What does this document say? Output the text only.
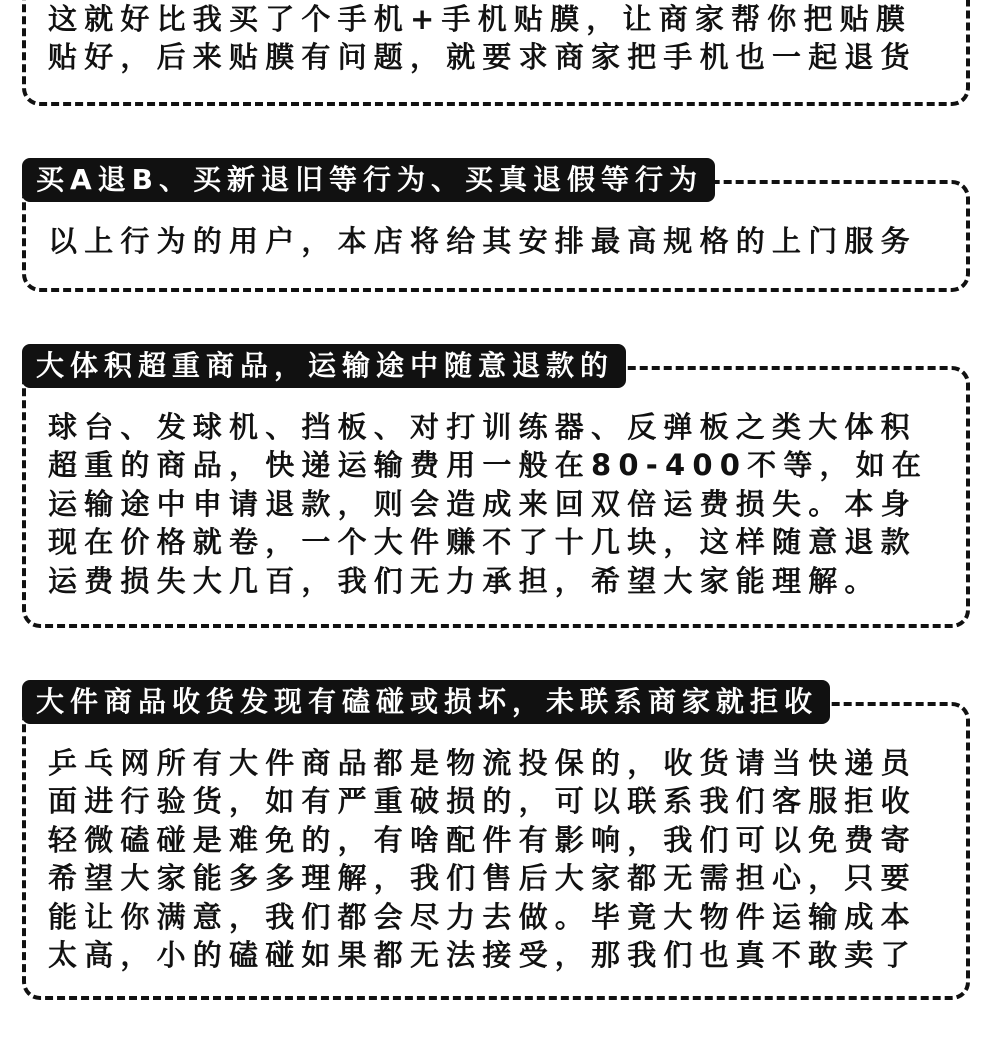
这就好比我买了个手机+手机贴膜，让商家帮你把贴膜
贴好，后来贴膜有问题，就要求商家把手机也一起退货
买A退B、买新退旧等行为、买真退假等行为
以上行为的用户，本店将给其安排最高规格的上门服务
大体积超重商品，运输途中随意退款的
球台、发球机、挡板、对打训练器、反弹板之类大体积
超重的商品，快递运输费用一般在80-400不等，如在
运输途中申请退款，则会造成来回双倍运费损失。本身
现在价格就卷，一个大件赚不了十几块，这样随意退款
运费损失大几百，我们无力承担，希望大家能理解。
大件商品收货发现有磕碰或损坏，未联系商家就拒收
乒乓网所有大件商品都是物流投保的，收货请当快递员
面进行验货，如有严重破损的，可以联系我们客服拒收
轻微磕碰是难免的，有啥配件有影响，我们可以免费寄
希望大家能多多理解，我们售后大家都无需担心，只要
能让你满意，我们都会尽力去做。毕竟大物件运输成本
太高，小的磕碰如果都无法接受，那我们也真不敢卖了
